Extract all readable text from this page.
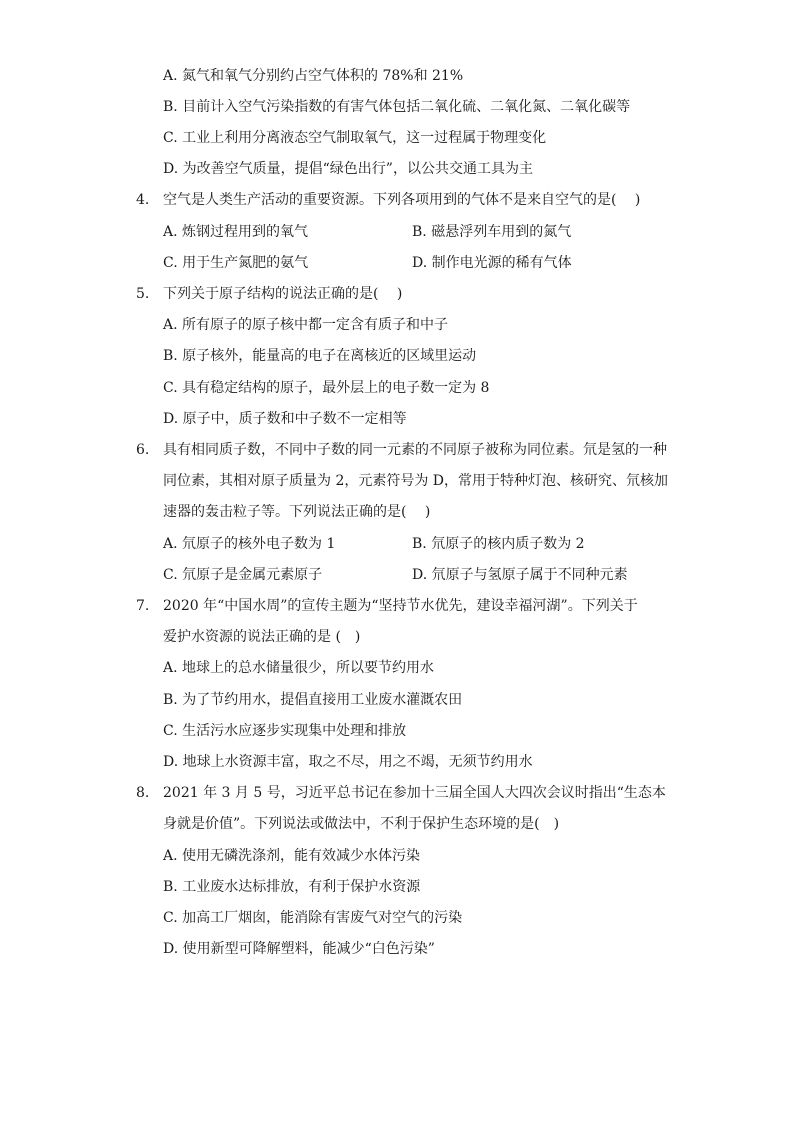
A. 氮气和氧气分别约占空气体积的 78%和 21%
B. 目前计入空气污染指数的有害气体包括二氧化硫、二氧化氮、二氧化碳等
C. 工业上利用分离液态空气制取氧气，这一过程属于物理变化
D. 为改善空气质量，提倡“绿色出行”，以公共交通工具为主
4. 空气是人类生产活动的重要资源。下列各项用到的气体不是来自空气的是(　 )
A. 炼钢过程用到的氧气	B. 磁悬浮列车用到的氮气
C. 用于生产氮肥的氨气	D. 制作电光源的稀有气体
5. 下列关于原子结构的说法正确的是(　 )
A. 所有原子的原子核中都一定含有质子和中子
B. 原子核外，能量高的电子在离核近的区域里运动
C. 具有稳定结构的原子，最外层上的电子数一定为 8
D. 原子中，质子数和中子数不一定相等
6. 具有相同质子数，不同中子数的同一元素的不同原子被称为同位素。氘是氢的一种
同位素，其相对原子质量为 2，元素符号为 D，常用于特种灯泡、核研究、氘核加
速器的轰击粒子等。下列说法正确的是(　 )
A. 氘原子的核外电子数为 1	B. 氘原子的核内质子数为 2
C. 氘原子是金属元素原子	D. 氘原子与氢原子属于不同种元素
7. 2020 年“中国水周”的宣传主题为“坚持节水优先，建设幸福河湖”。下列关于
爱护水资源的说法正确的是 (　)
A. 地球上的总水储量很少，所以要节约用水
B. 为了节约用水，提倡直接用工业废水灌溉农田
C. 生活污水应逐步实现集中处理和排放
D. 地球上水资源丰富，取之不尽，用之不竭，无须节约用水
8. 2021 年 3 月 5 号，习近平总书记在参加十三届全国人大四次会议时指出“生态本
身就是价值”。下列说法或做法中，不利于保护生态环境的是(　)
A. 使用无磷洗涤剂，能有效减少水体污染
B. 工业废水达标排放，有利于保护水资源
C. 加高工厂烟囱，能消除有害废气对空气的污染
D. 使用新型可降解塑料，能减少“白色污染”
